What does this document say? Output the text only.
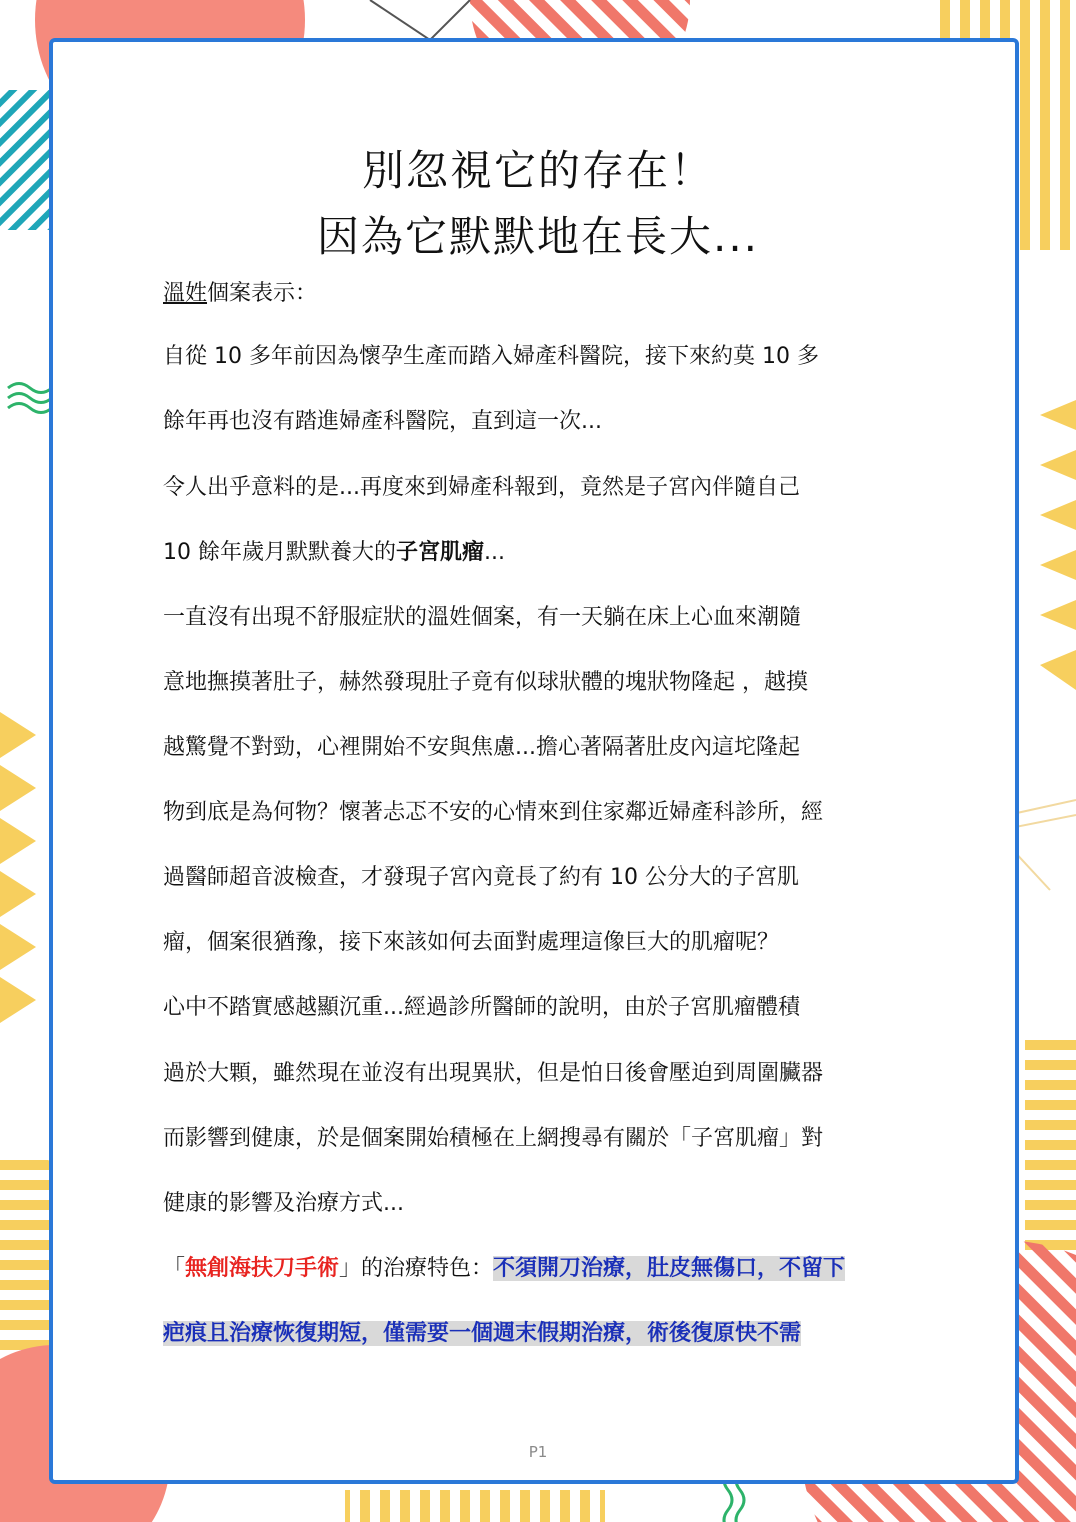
別忽視它的存在！
因為它默默地在長大...
溫姓個案表示：
自從 10 多年前因為懷孕生產而踏入婦產科醫院，接下來約莫 10 多
餘年再也沒有踏進婦產科醫院，直到這一次...
令人出乎意料的是...再度來到婦產科報到，竟然是子宮內伴隨自己
10 餘年歲月默默養大的子宮肌瘤...
一直沒有出現不舒服症狀的溫姓個案，有一天躺在床上心血來潮隨
意地撫摸著肚子，赫然發現肚子竟有似球狀體的塊狀物隆起 ，越摸
越驚覺不對勁，心裡開始不安與焦慮...擔心著隔著肚皮內這坨隆起
物到底是為何物？懷著忐忑不安的心情來到住家鄰近婦產科診所，經
過醫師超音波檢查，才發現子宮內竟長了約有 10 公分大的子宮肌
瘤，個案很猶豫，接下來該如何去面對處理這像巨大的肌瘤呢？
心中不踏實感越顯沉重...經過診所醫師的說明，由於子宮肌瘤體積
過於大顆，雖然現在並沒有出現異狀，但是怕日後會壓迫到周圍臟器
而影響到健康，於是個案開始積極在上網搜尋有關於「子宮肌瘤」對
健康的影響及治療方式...
「無創海扶刀手術」的治療特色：不須開刀治療，肚皮無傷口，不留下
疤痕且治療恢復期短，僅需要一個週末假期治療，術後復原快不需
P1
